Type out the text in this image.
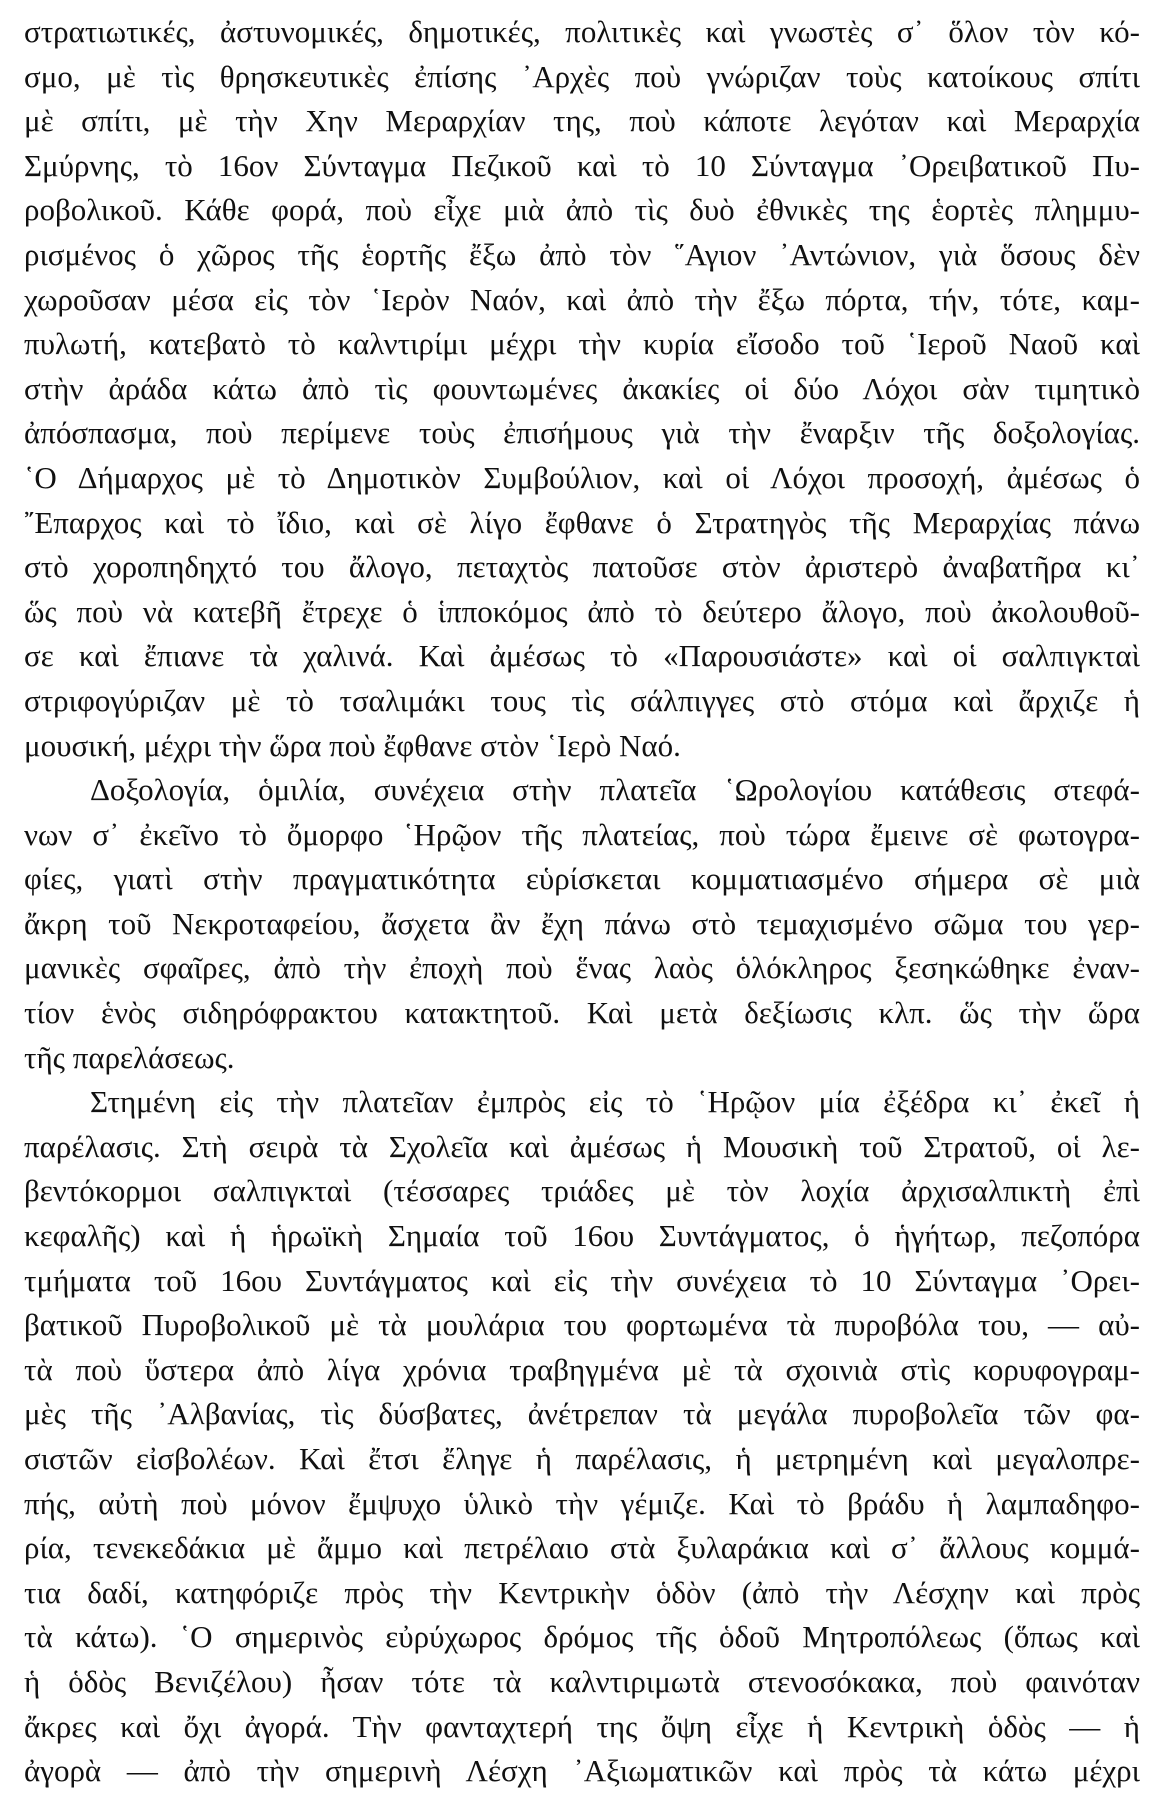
στρατιωτικές, ἀστυνομικές, δημοτικές, πολιτικὲς καὶ γνωστὲς σ᾽ ὅλον τὸν κό-
σμο, μὲ τὶς θρησκευτικὲς ἐπίσης ᾽Αρχὲς ποὺ γνώριζαν τοὺς κατοίκους σπίτι
μὲ σπίτι, μὲ τὴν Χην Μεραρχίαν της, ποὺ κάποτε λεγόταν καὶ Μεραρχία
Σμύρνης, τὸ 16ον Σύνταγμα Πεζικοῦ καὶ τὸ 10 Σύνταγμα ᾽Ορειβατικοῦ Πυ-
ροβολικοῦ. Κάθε φορά, ποὺ εἶχε μιὰ ἀπὸ τὶς δυὸ ἐθνικὲς της ἑορτὲς πλημμυ-
ρισμένος ὁ χῶρος τῆς ἑορτῆς ἔξω ἀπὸ τὸν ῞Αγιον ᾽Αντώνιον, γιὰ ὅσους δὲν
χωροῦσαν μέσα εἰς τὸν ῾Ιερὸν Ναόν, καὶ ἀπὸ τὴν ἔξω πόρτα, τήν, τότε, καμ-
πυλωτή, κατεβατὸ τὸ καλντιρίμι μέχρι τὴν κυρία εἴσοδο τοῦ ῾Ιεροῦ Ναοῦ καὶ
στὴν ἀράδα κάτω ἀπὸ τὶς φουντωμένες ἀκακίες οἱ δύο Λόχοι σὰν τιμητικὸ
ἀπόσπασμα, ποὺ περίμενε τοὺς ἐπισήμους γιὰ τὴν ἔναρξιν τῆς δοξολογίας.
῾Ο Δήμαρχος μὲ τὸ Δημοτικὸν Συμβούλιον, καὶ οἱ Λόχοι προσοχή, ἀμέσως ὁ
῎Επαρχος καὶ τὸ ἴδιο, καὶ σὲ λίγο ἔφθανε ὁ Στρατηγὸς τῆς Μεραρχίας πάνω
στὸ χοροπηδηχτό του ἄλογο, πεταχτὸς πατοῦσε στὸν ἀριστερὸ ἀναβατῆρα κι᾽
ὥς ποὺ νὰ κατεβῆ ἔτρεχε ὁ ἱπποκόμος ἀπὸ τὸ δεύτερο ἄλογο, ποὺ ἀκολουθοῦ-
σε καὶ ἔπιανε τὰ χαλινά. Καὶ ἀμέσως τὸ «Παρουσιάστε» καὶ οἱ σαλπιγκταὶ
στριφογύριζαν μὲ τὸ τσαλιμάκι τους τὶς σάλπιγγες στὸ στόμα καὶ ἄρχιζε ἡ
μουσική, μέχρι τὴν ὥρα ποὺ ἔφθανε στὸν ῾Ιερὸ Ναό.
Δοξολογία, ὁμιλία, συνέχεια στὴν πλατεῖα ῾Ωρολογίου κατάθεσις στεφά-
νων σ᾽ ἐκεῖνο τὸ ὄμορφο ῾Ηρῷον τῆς πλατείας, ποὺ τώρα ἔμεινε σὲ φωτογρα-
φίες, γιατὶ στὴν πραγματικότητα εὑρίσκεται κομματιασμένο σήμερα σὲ μιὰ
ἄκρη τοῦ Νεκροταφείου, ἄσχετα ἂν ἔχη πάνω στὸ τεμαχισμένο σῶμα του γερ-
μανικὲς σφαῖρες, ἀπὸ τὴν ἐποχὴ ποὺ ἕνας λαὸς ὁλόκληρος ξεσηκώθηκε ἐναν-
τίον ἑνὸς σιδηρόφρακτου κατακτητοῦ. Καὶ μετὰ δεξίωσις κλπ. ὥς τὴν ὥρα
τῆς παρελάσεως.
Στημένη εἰς τὴν πλατεῖαν ἐμπρὸς εἰς τὸ ῾Ηρῷον μία ἐξέδρα κι᾽ ἐκεῖ ἡ
παρέλασις. Στὴ σειρὰ τὰ Σχολεῖα καὶ ἀμέσως ἡ Μουσικὴ τοῦ Στρατοῦ, οἱ λε-
βεντόκορμοι σαλπιγκταὶ (τέσσαρες τριάδες μὲ τὸν λοχία ἀρχισαλπικτὴ ἐπὶ
κεφαλῆς) καὶ ἡ ἡρωϊκὴ Σημαία τοῦ 16ου Συντάγματος, ὁ ἡγήτωρ, πεζοπόρα
τμήματα τοῦ 16ου Συντάγματος καὶ εἰς τὴν συνέχεια τὸ 10 Σύνταγμα ᾽Ορει-
βατικοῦ Πυροβολικοῦ μὲ τὰ μουλάρια του φορτωμένα τὰ πυροβόλα του, — αὐ-
τὰ ποὺ ὕστερα ἀπὸ λίγα χρόνια τραβηγμένα μὲ τὰ σχοινιὰ στὶς κορυφογραμ-
μὲς τῆς ᾽Αλβανίας, τὶς δύσβατες, ἀνέτρεπαν τὰ μεγάλα πυροβολεῖα τῶν φα-
σιστῶν εἰσβολέων. Καὶ ἔτσι ἔληγε ἡ παρέλασις, ἡ μετρημένη καὶ μεγαλοπρε-
πής, αὐτὴ ποὺ μόνον ἔμψυχο ὑλικὸ τὴν γέμιζε. Καὶ τὸ βράδυ ἡ λαμπαδηφο-
ρία, τενεκεδάκια μὲ ἄμμο καὶ πετρέλαιο στὰ ξυλαράκια καὶ σ᾽ ἄλλους κομμά-
τια δαδί, κατηφόριζε πρὸς τὴν Κεντρικὴν ὁδὸν (ἀπὸ τὴν Λέσχην καὶ πρὸς
τὰ κάτω). ῾Ο σημερινὸς εὐρύχωρος δρόμος τῆς ὁδοῦ Μητροπόλεως (ὅπως καὶ
ἡ ὁδὸς Βενιζέλου) ἦσαν τότε τὰ καλντιριμωτὰ στενοσόκακα, ποὺ φαινόταν
ἄκρες καὶ ὄχι ἀγορά. Τὴν φανταχτερή της ὄψη εἶχε ἡ Κεντρικὴ ὁδὸς — ἡ
ἀγορὰ — ἀπὸ τὴν σημερινὴ Λέσχη ᾽Αξιωματικῶν καὶ πρὸς τὰ κάτω μέχρι
